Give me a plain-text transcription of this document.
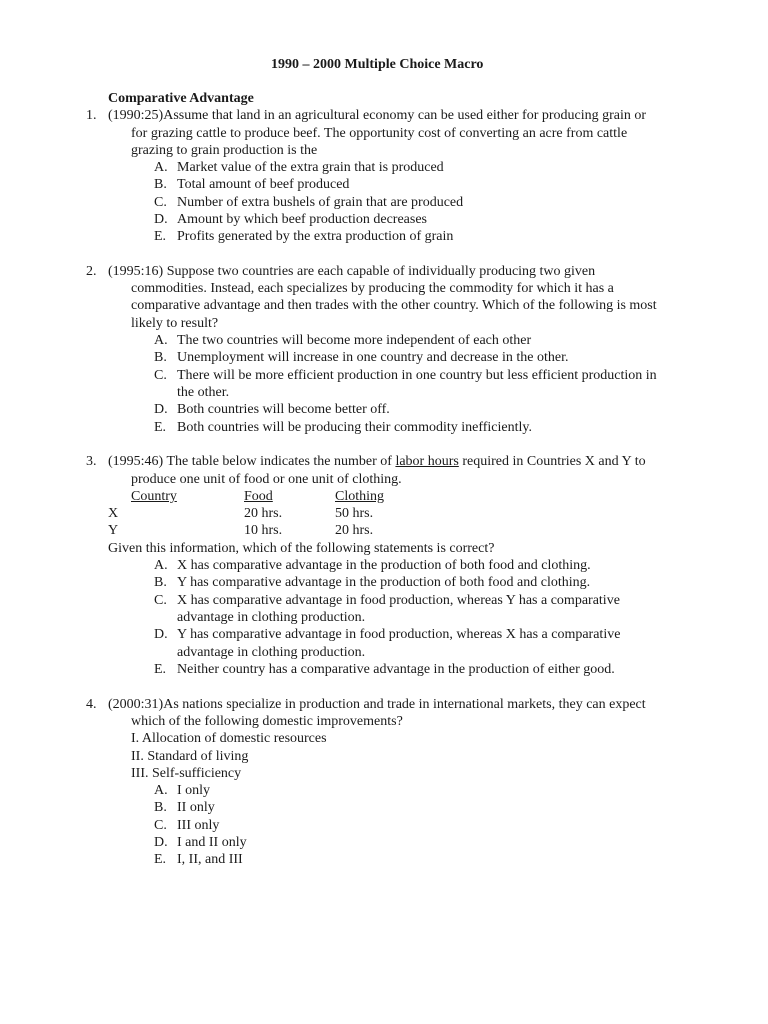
1990 – 2000 Multiple Choice Macro
Comparative Advantage
1. (1990:25)Assume that land in an agricultural economy can be used either for producing grain or
for grazing cattle to produce beef. The opportunity cost of converting an acre from cattle
grazing to grain production is the
A. Market value of the extra grain that is produced
B. Total amount of beef produced
C. Number of extra bushels of grain that are produced
D. Amount by which beef production decreases
E. Profits generated by the extra production of grain
2. (1995:16) Suppose two countries are each capable of individually producing two given
commodities. Instead, each specializes by producing the commodity for which it has a
comparative advantage and then trades with the other country. Which of the following is most
likely to result?
A. The two countries will become more independent of each other
B. Unemployment will increase in one country and decrease in the other.
C. There will be more efficient production in one country but less efficient production in
the other.
D. Both countries will become better off.
E. Both countries will be producing their commodity inefficiently.
3. (1995:46) The table below indicates the number of labor hours required in Countries X and Y to
produce one unit of food or one unit of clothing.
Country	Food	Clothing
X	20 hrs.	50 hrs.
Y	10 hrs.	20 hrs.
Given this information, which of the following statements is correct?
A. X has comparative advantage in the production of both food and clothing.
B. Y has comparative advantage in the production of both food and clothing.
C. X has comparative advantage in food production, whereas Y has a comparative
advantage in clothing production.
D. Y has comparative advantage in food production, whereas X has a comparative
advantage in clothing production.
E. Neither country has a comparative advantage in the production of either good.
4. (2000:31)As nations specialize in production and trade in international markets, they can expect
which of the following domestic improvements?
I. Allocation of domestic resources
II. Standard of living
III. Self-sufficiency
A. I only
B. II only
C. III only
D. I and II only
E. I, II, and III
